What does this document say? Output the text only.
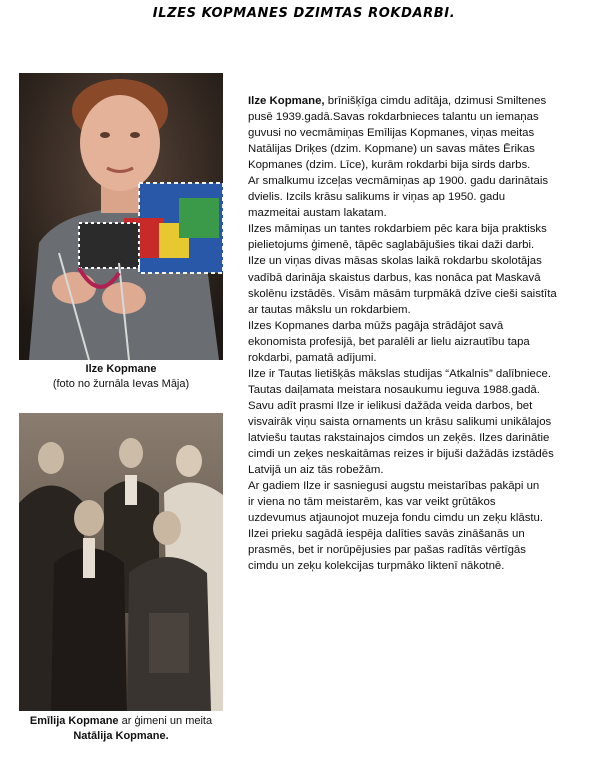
ILZES KOPMANES DZIMTAS ROKDARBI.
Ilze Kopmane
(foto no žurnāla Ievas Māja)
Emīlija Kopmane ar ģimeni un meita
Natālija Kopmane.

Ilze Kopmane, brīnišķīga cimdu adītāja, dzimusi Smiltenes

pusē 1939.gadā.Savas rokdarbnieces talantu un iemaņas

guvusi no vecmāmiņas Emīlijas Kopmanes, viņas meitas

Natālijas Driķes (dzim. Kopmane) un savas mātes Ērikas

Kopmanes (dzim. Līce), kurām rokdarbi bija sirds darbs.

Ar smalkumu izceļas vecmāmiņas ap 1900. gadu darinātais

dvielis. Izcils krāsu salikums ir viņas ap 1950. gadu

mazmeitai austam lakatam.

Ilzes māmiņas un tantes rokdarbiem pēc kara bija praktisks

pielietojums ģimenē, tāpēc saglabājušies tikai daži darbi.

Ilze un viņas divas māsas skolas laikā rokdarbu skolotājas

vadībā darināja skaistus darbus, kas nonāca pat Maskavā

skolēnu izstādēs. Visām māsām turpmākā dzīve cieši saistīta

ar tautas mākslu un rokdarbiem.

Ilzes Kopmanes darba mūžs pagāja strādājot savā

ekonomista profesijā, bet paralēli ar lielu aizrautību tapa

rokdarbi, pamatā adījumi.

Ilze ir Tautas lietišķās mākslas studijas “Atkalnis” dalībniece.

Tautas daiļamata meistara nosaukumu ieguva 1988.gadā.

Savu adīt prasmi Ilze ir ielikusi dažāda veida darbos, bet

visvairāk viņu saista ornaments un krāsu salikumi unikālajos

latviešu tautas rakstainajos cimdos un zeķēs. Ilzes darinātie

cimdi un zeķes neskaitāmas reizes ir bijuši dažādās izstādēs

Latvijā un aiz tās robežām.

Ar gadiem Ilze ir sasniegusi augstu meistarības pakāpi un

ir viena no tām meistarēm, kas var veikt grūtākos

uzdevumus atjaunojot muzeja fondu cimdu un zeķu klāstu.

Ilzei prieku sagādā iespēja dalīties savās zināšanās un

prasmēs, bet ir norūpējusies par pašas radītās vērtīgās

cimdu un zeķu kolekcijas turpmāko liktenī nākotnē.
